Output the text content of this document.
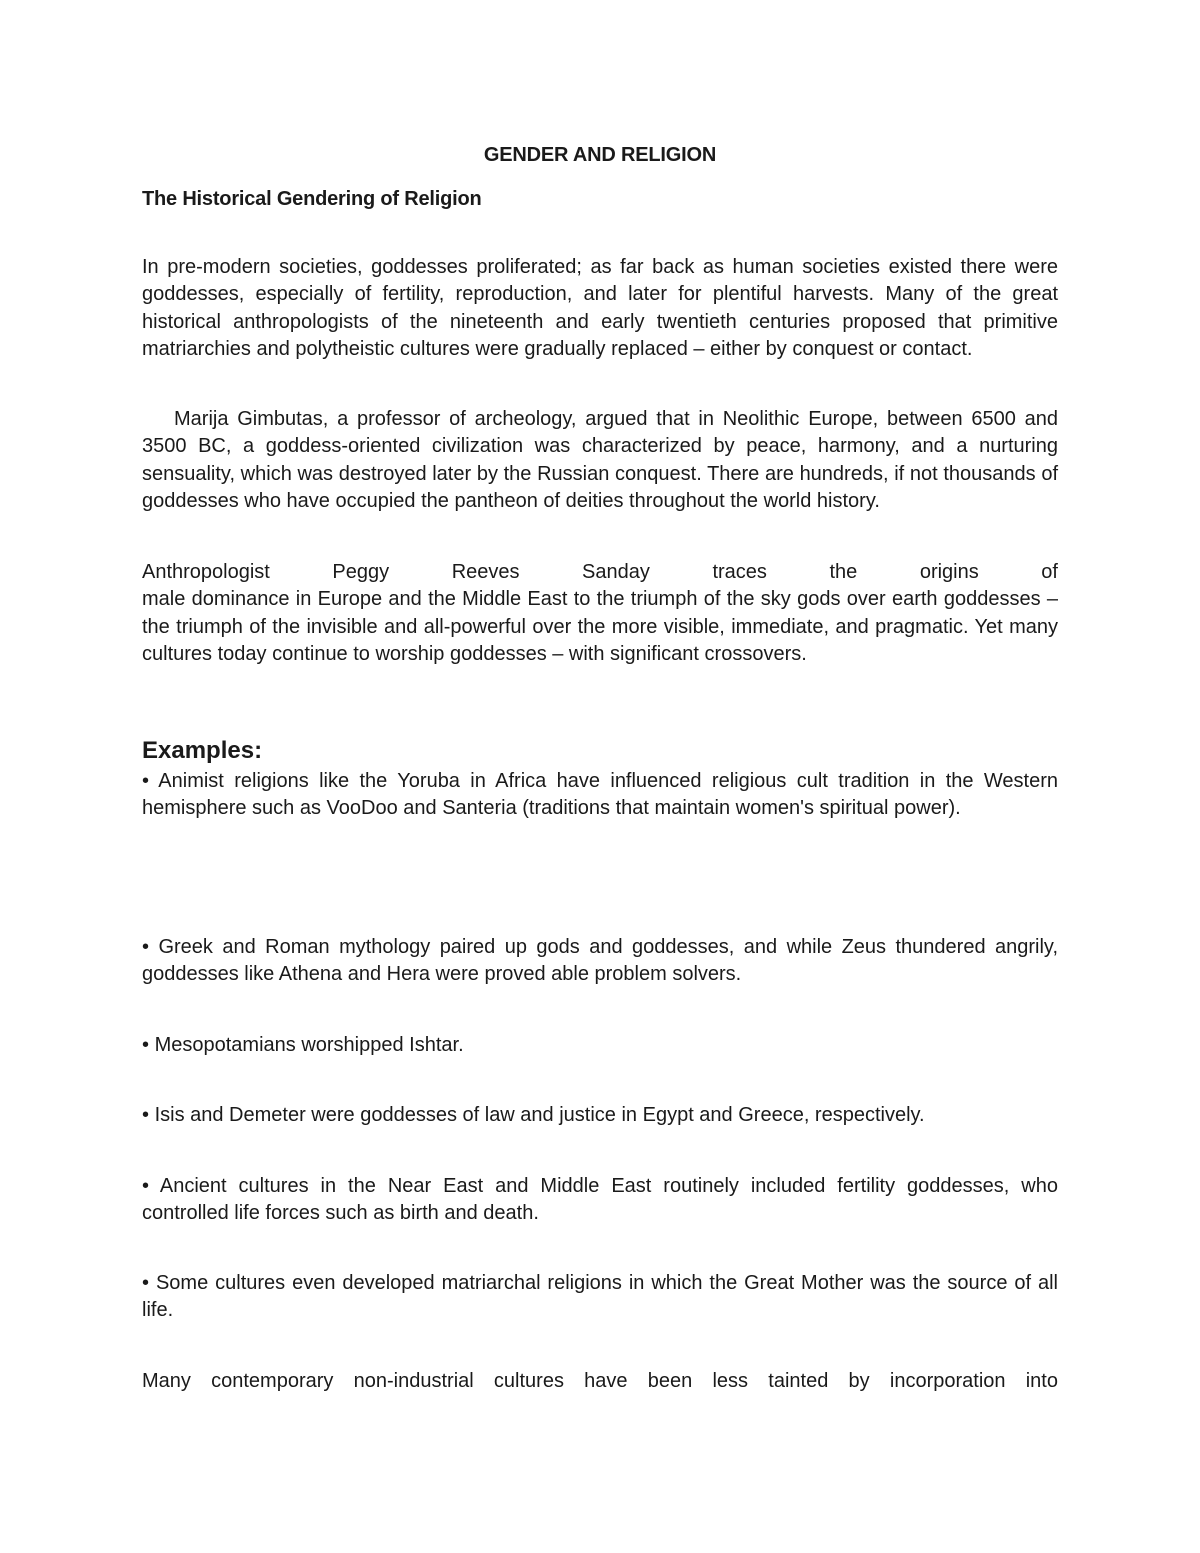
GENDER AND RELIGION
The Historical Gendering of Religion

In pre-modern societies, goddesses proliferated; as far back as human societies existed there were goddesses, especially of fertility, reproduction, and later for plentiful harvests. Many of the great historical anthropologists of the nineteenth and early twentieth centuries proposed that primitive matriarchies and polytheistic cultures were gradually replaced – either by conquest or contact.

Marija Gimbutas, a professor of archeology, argued that in Neolithic Europe, between 6500 and 3500 BC, a goddess-oriented civilization was characterized by peace, harmony, and a nurturing sensuality, which was destroyed later by the Russian conquest. There are hundreds, if not thousands of goddesses who have occupied the pantheon of deities throughout the world history.

Anthropologist Peggy Reeves Sanday traces the origins of
male dominance in Europe and the Middle East to the triumph of the sky gods over earth goddesses – the triumph of the invisible and all-powerful over the more visible, immediate, and pragmatic. Yet many cultures today continue to worship goddesses – with significant crossovers.
Examples:

• Animist religions like the Yoruba in Africa have influenced religious cult tradition in the Western hemisphere such as VooDoo and Santeria (traditions that maintain women's spiritual power).

• Greek and Roman mythology paired up gods and goddesses, and while Zeus thundered angrily, goddesses like Athena and Hera were proved able problem solvers.

• Mesopotamians worshipped Ishtar.

• Isis and Demeter were goddesses of law and justice in Egypt and Greece, respectively.

• Ancient cultures in the Near East and Middle East routinely included fertility goddesses, who controlled life forces such as birth and death.

• Some cultures even developed matriarchal religions in which the Great Mother was the source of all life.

Many contemporary non-industrial cultures have been less tainted by incorporation into
